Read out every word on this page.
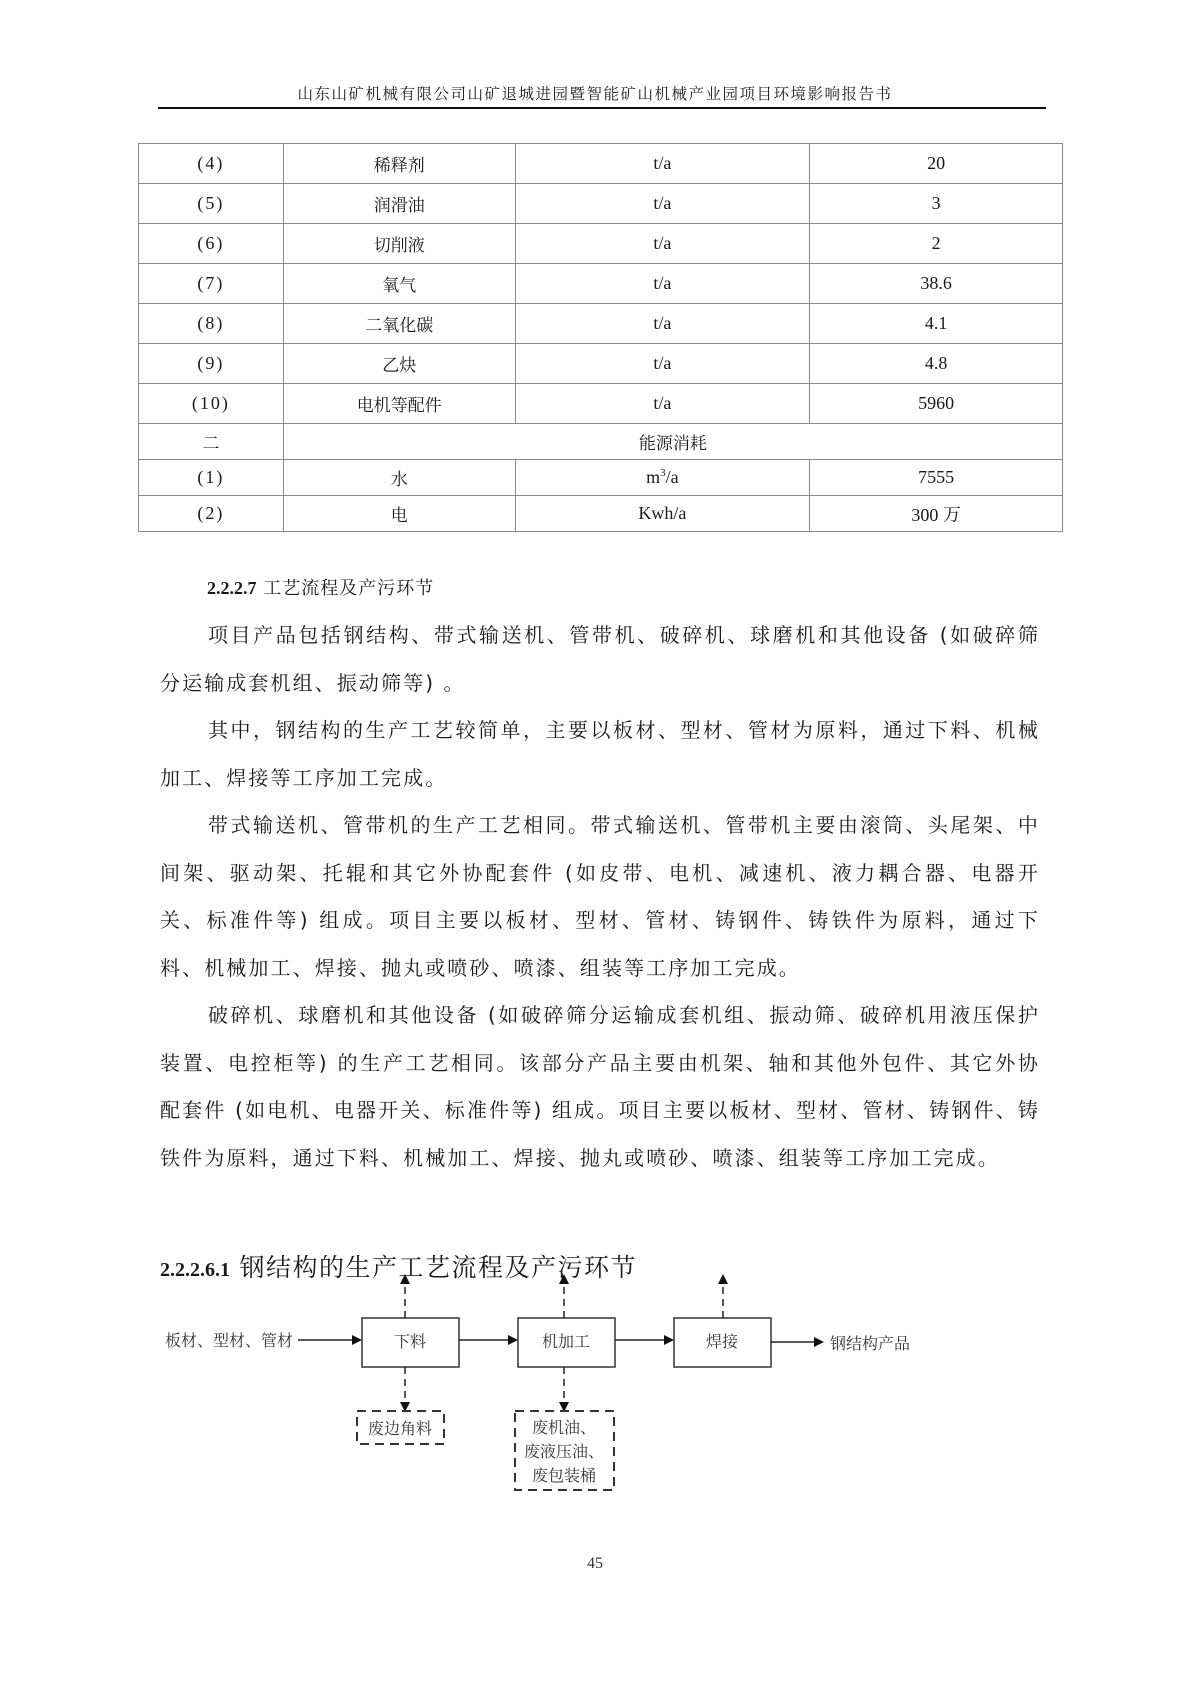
山东山矿机械有限公司山矿退城进园暨智能矿山机械产业园项目环境影响报告书
(4)	稀释剂	t/a	20
(5)	润滑油	t/a	3
(6)	切削液	t/a	2
(7)	氧气	t/a	38.6
(8)	二氧化碳	t/a	4.1
(9)	乙炔	t/a	4.8
(10)	电机等配件	t/a	5960
二	能源消耗		
(1)	水	$m^3/a$	7555
(2)	电	Kwh/a	300 万
2.2.2.7 工艺流程及产污环节

项目产品包括钢结构、带式输送机、管带机、破碎机、球磨机和其他设备 (如破碎筛分运输成套机组、振动筛等) 。

其中，钢结构的生产工艺较简单，主要以板材、型材、管材为原料，通过下料、机械加工、焊接等工序加工完成。

带式输送机、管带机的生产工艺相同。带式输送机、管带机主要由滚筒、头尾架、中间架、驱动架、托辊和其它外协配套件 (如皮带、电机、减速机、液力耦合器、电器开关、标准件等) 组成。项目主要以板材、型材、管材、铸钢件、铸铁件为原料，通过下料、机械加工、焊接、抛丸或喷砂、喷漆、组装等工序加工完成。

破碎机、球磨机和其他设备 (如破碎筛分运输成套机组、振动筛、破碎机用液压保护装置、电控柜等) 的生产工艺相同。该部分产品主要由机架、轴和其他外包件、其它外协配套件 (如电机、电器开关、标准件等) 组成。项目主要以板材、型材、管材、铸钢件、铸铁件为原料，通过下料、机械加工、焊接、抛丸或喷砂、喷漆、组装等工序加工完成。

2.2.2.6.1 钢结构的生产工艺流程及产污环节
板材、型材、管材	下料	机加工	焊接	钢结构产品
废边角料	废机油、
废液压油、
废包装桶
45
